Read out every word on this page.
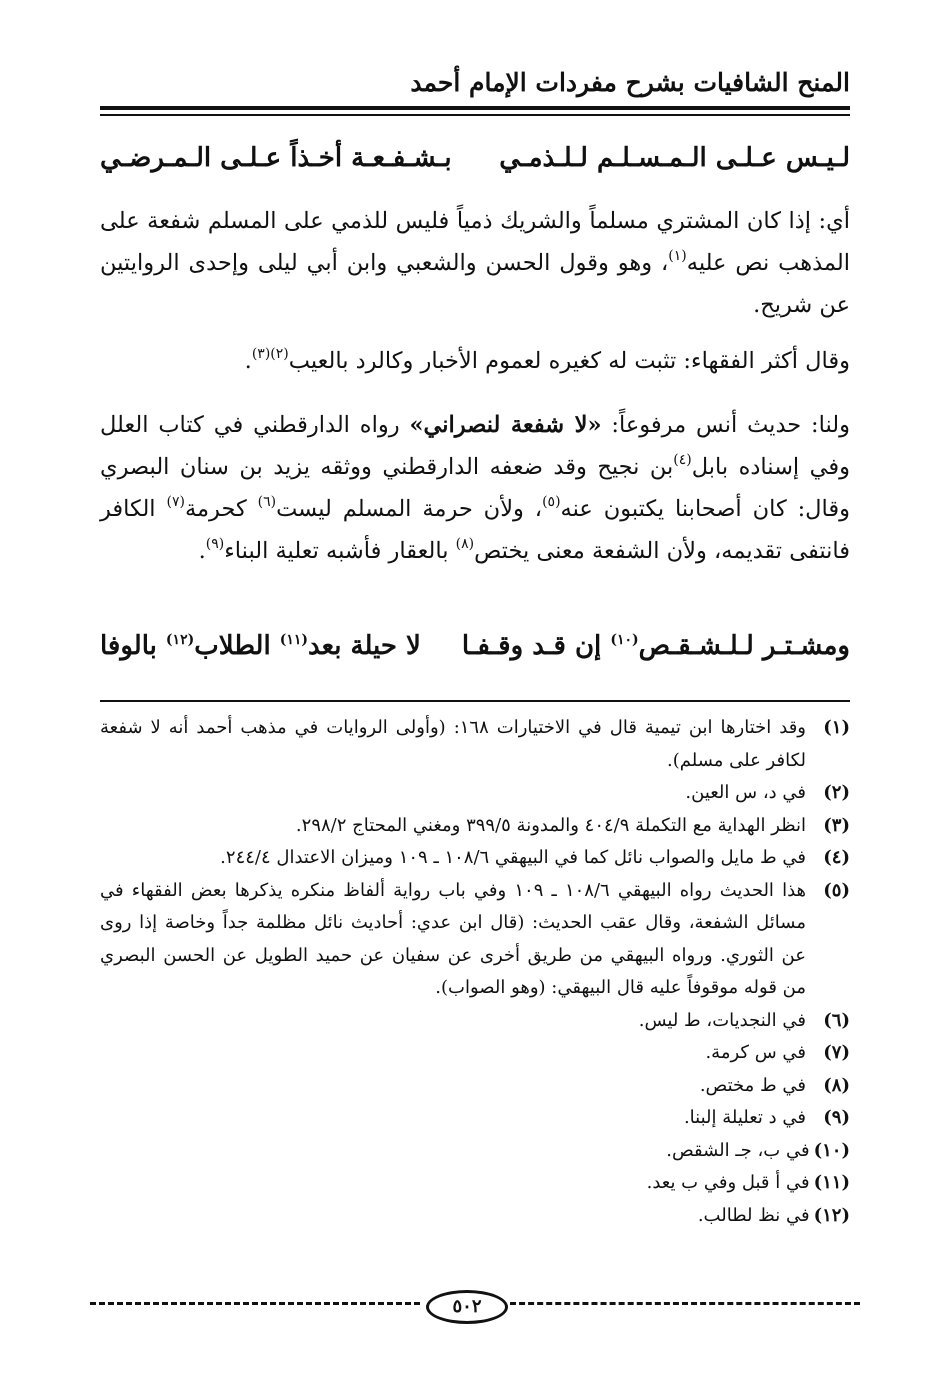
المنح الشافيات بشرح مفردات الإمام أحمد
لـيـس عـلـى الـمـسـلـم لـلـذمـي
بـشـفـعـة أخـذاً عـلـى الـمـرضـي

أي: إذا كان المشتري مسلماً والشريك ذمياً فليس للذمي على المسلم شفعة على المذهب نص عليه$^{(١)}$، وهو وقول الحسن والشعبي وابن أبي ليلى وإحدى الروايتين عن شريح.

وقال أكثر الفقهاء: تثبت له كغيره لعموم الأخبار وكالرد بالعيب$^{(٢)(٣)}$.

ولنا: حديث أنس مرفوعاً: «لا شفعة لنصراني» رواه الدارقطني في كتاب العلل وفي إسناده بابل$^{(٤)}$بن نجيح وقد ضعفه الدارقطني ووثقه يزيد بن سنان البصري وقال: كان أصحابنا يكتبون عنه$^{(٥)}$، ولأن حرمة المسلم ليست$^{(٦)}$ كحرمة$^{(٧)}$ الكافر فانتفى تقديمه، ولأن الشفعة معنى يختص$^{(٨)}$ بالعقار فأشبه تعلية البناء$^{(٩)}$.

ومشـتـر لـلـشـقـص$^{(١٠)}$ إن قـد وقـفـا
لا حيلة بعد$^{(١١)}$ الطلاب$^{(١٢)}$ بالوفا
(١)
وقد اختارها ابن تيمية قال في الاختيارات ١٦٨: (وأولى الروايات في مذهب أحمد أنه لا شفعة لكافر على مسلم).
(٢)
في د، س العين.
(٣)
انظر الهداية مع التكملة ٤٠٤/٩ والمدونة ٣٩٩/٥ ومغني المحتاج ٢٩٨/٢.
(٤)
في ط مايل والصواب نائل كما في البيهقي ١٠٨/٦ ـ ١٠٩ وميزان الاعتدال ٢٤٤/٤.
(٥)
هذا الحديث رواه البيهقي ١٠٨/٦ ـ ١٠٩ وفي باب رواية ألفاظ منكره يذكرها بعض الفقهاء في مسائل الشفعة، وقال عقب الحديث: (قال ابن عدي: أحاديث نائل مظلمة جداً وخاصة إذا روى عن الثوري. ورواه البيهقي من طريق أخرى عن سفيان عن حميد الطويل عن الحسن البصري من قوله موقوفاً عليه قال البيهقي: (وهو الصواب).
(٦)
في النجديات، ط ليس.
(٧)
في س كرمة.
(٨)
في ط مختص.
(٩)
في د تعليلة إلبنا.
(١٠)
في ب، جـ الشقص.
(١١)
في أ قبل وفي ب يعد.
(١٢)
في نظ لطالب.
٥٠٢
